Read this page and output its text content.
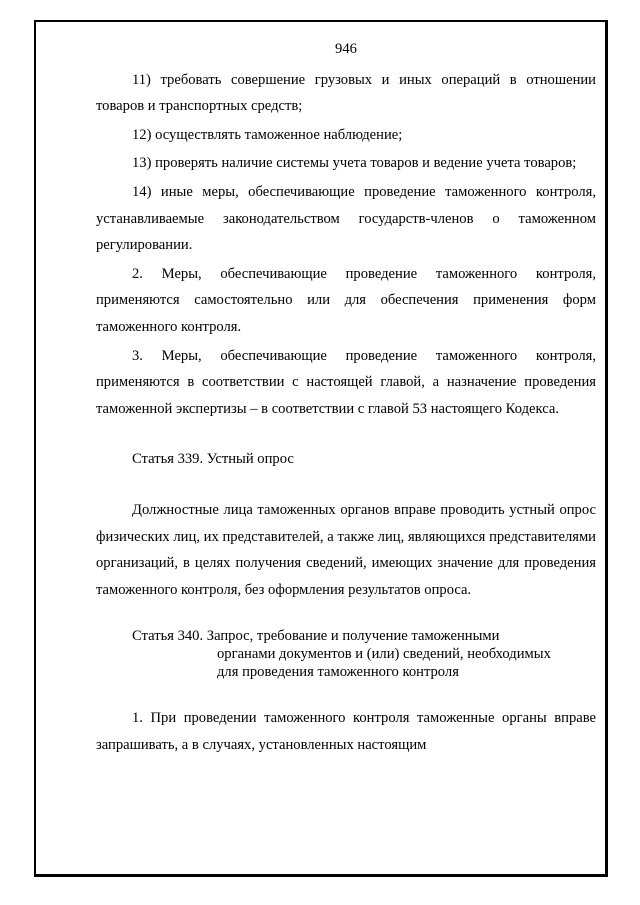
946

11) требовать совершение грузовых и иных операций в отношении товаров и транспортных средств;

12) осуществлять таможенное наблюдение;

13) проверять наличие системы учета товаров и ведение учета товаров;

14) иные меры, обеспечивающие проведение таможенного контроля, устанавливаемые законодательством государств-членов о таможенном регулировании.

2. Меры, обеспечивающие проведение таможенного контроля, применяются самостоятельно или для обеспечения применения форм таможенного контроля.

3. Меры, обеспечивающие проведение таможенного контроля, применяются в соответствии с настоящей главой, а назначение проведения таможенной экспертизы – в соответствии с главой 53 настоящего Кодекса.

Статья 339. Устный опрос

Должностные лица таможенных органов вправе проводить устный опрос физических лиц, их представителей, а также лиц, являющихся представителями организаций, в целях получения сведений, имеющих значение для проведения таможенного контроля, без оформления результатов опроса.

Статья 340. Запрос, требование и получение таможенными
органами документов и (или) сведений, необходимых
для проведения таможенного контроля

1. При проведении таможенного контроля таможенные органы вправе запрашивать, а в случаях, установленных настоящим
